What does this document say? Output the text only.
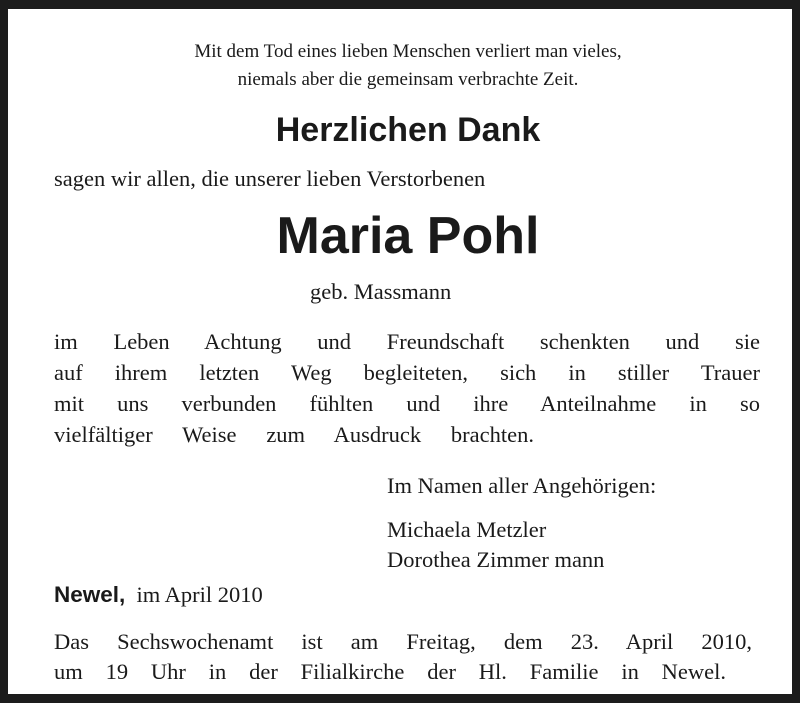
Mit dem Tod eines lieben Menschen verliert man vieles,
niemals aber die gemeinsam verbrachte Zeit.
Herzlichen Dank
sagen wir allen, die unserer lieben Verstorbenen
Maria Pohl
geb. Massmann
im Leben Achtung und Freundschaft schenkten und sie
auf ihrem letzten Weg begleiteten, sich in stiller Trauer
mit uns verbunden fühlten und ihre Anteilnahme in so
vielfältiger Weise zum Ausdruck brachten.
Im Namen aller Angehörigen:
Michaela Metzler
Dorothea Zimmer mann
Newel, im April 2010
Das Sechswochenamt ist am Freitag, dem 23. April 2010,
um 19 Uhr in der Filialkirche der Hl. Familie in Newel.
